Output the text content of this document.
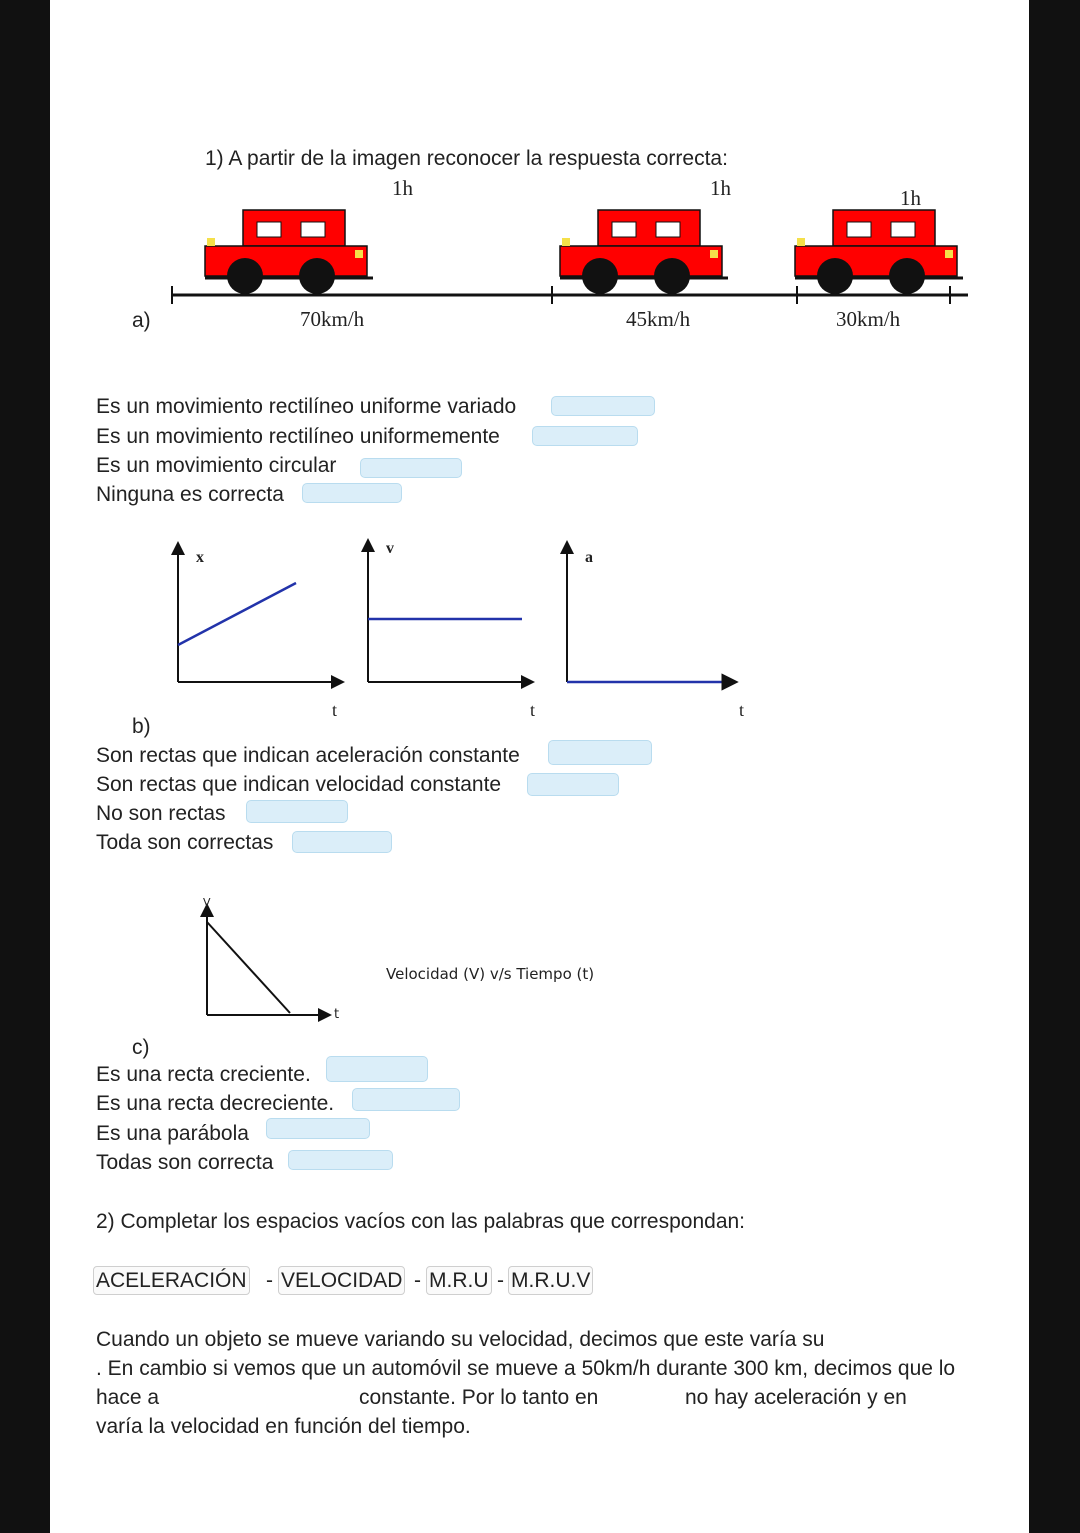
1) A partir de la imagen reconocer la respuesta correcta:
1h	1h	1h
70km/h	45km/h	30km/h
a)
Es un movimiento rectilíneo uniforme variado
Es un movimiento rectilíneo uniformemente
Es un movimiento circular
Ninguna es correcta
x
t
v
t
a
t
b)
Son rectas que indican aceleración constante
Son rectas que indican velocidad constante
No son rectas
Toda son correctas
V
t
Velocidad (V) v/s Tiempo (t)
c)
Es una recta creciente.
Es una recta decreciente.
Es una parábola
Todas son correcta
2) Completar los espacios vacíos con las palabras que correspondan:
ACELERACIÓN - VELOCIDAD - M.R.U - M.R.U.V
Cuando un objeto se mueve variando su velocidad, decimos que este varía su
. En cambio si vemos que un automóvil se mueve a 50km/h durante 300 km, decimos que lo
hace a	constante. Por lo tanto en	no hay aceleración y en
varía la velocidad en función del tiempo.
